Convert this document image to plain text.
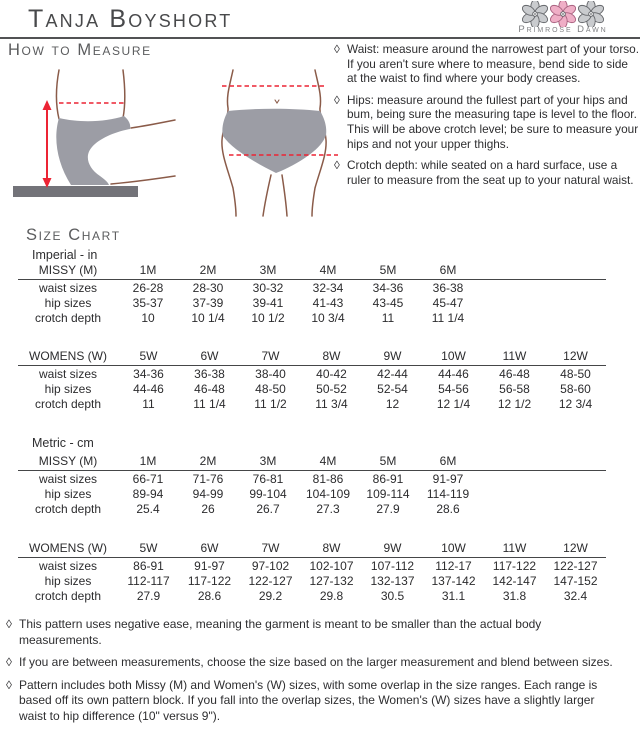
Tanja Boyshort	Primrose Dawn
How to Measure	◊ Waist: measure around the narrowest part of your torso. If you aren't sure where to measure, bend side to side at the waist to find where your body creases.
◊ Hips: measure around the fullest part of your hips and bum, being sure the measuring tape is level to the floor. This will be above crotch level; be sure to measure your hips and not your upper thighs.
◊ Crotch depth: while seated on a hard surface, use a ruler to measure from the seat up to your natural waist.
Size Chart
Imperial - in
MISSY (M)	1M	2M	3M	4M	5M	6M
waist sizes	26-28	28-30	30-32	32-34	34-36	36-38
hip sizes	35-37	37-39	39-41	41-43	43-45	45-47
crotch depth	10	10 1/4	10 1/2	10 3/4	11	11 1/4
WOMENS (W)	5W	6W	7W	8W	9W	10W	11W	12W
waist sizes	34-36	36-38	38-40	40-42	42-44	44-46	46-48	48-50
hip sizes	44-46	46-48	48-50	50-52	52-54	54-56	56-58	58-60
crotch depth	11	11 1/4	11 1/2	11 3/4	12	12 1/4	12 1/2	12 3/4
Metric - cm
MISSY (M)	1M	2M	3M	4M	5M	6M
waist sizes	66-71	71-76	76-81	81-86	86-91	91-97
hip sizes	89-94	94-99	99-104	104-109	109-114	114-119
crotch depth	25.4	26	26.7	27.3	27.9	28.6
WOMENS (W)	5W	6W	7W	8W	9W	10W	11W	12W
waist sizes	86-91	91-97	97-102	102-107	107-112	112-17	117-122	122-127
hip sizes	112-117	117-122	122-127	127-132	132-137	137-142	142-147	147-152
crotch depth	27.9	28.6	29.2	29.8	30.5	31.1	31.8	32.4
◊ This pattern uses negative ease, meaning the garment is meant to be smaller than the actual body measurements.
◊ If you are between measurements, choose the size based on the larger measurement and blend between sizes.
◊ Pattern includes both Missy (M) and Women's (W) sizes, with some overlap in the size ranges. Each range is based off its own pattern block. If you fall into the overlap sizes, the Women's (W) sizes have a slightly larger waist to hip difference (10" versus 9").
